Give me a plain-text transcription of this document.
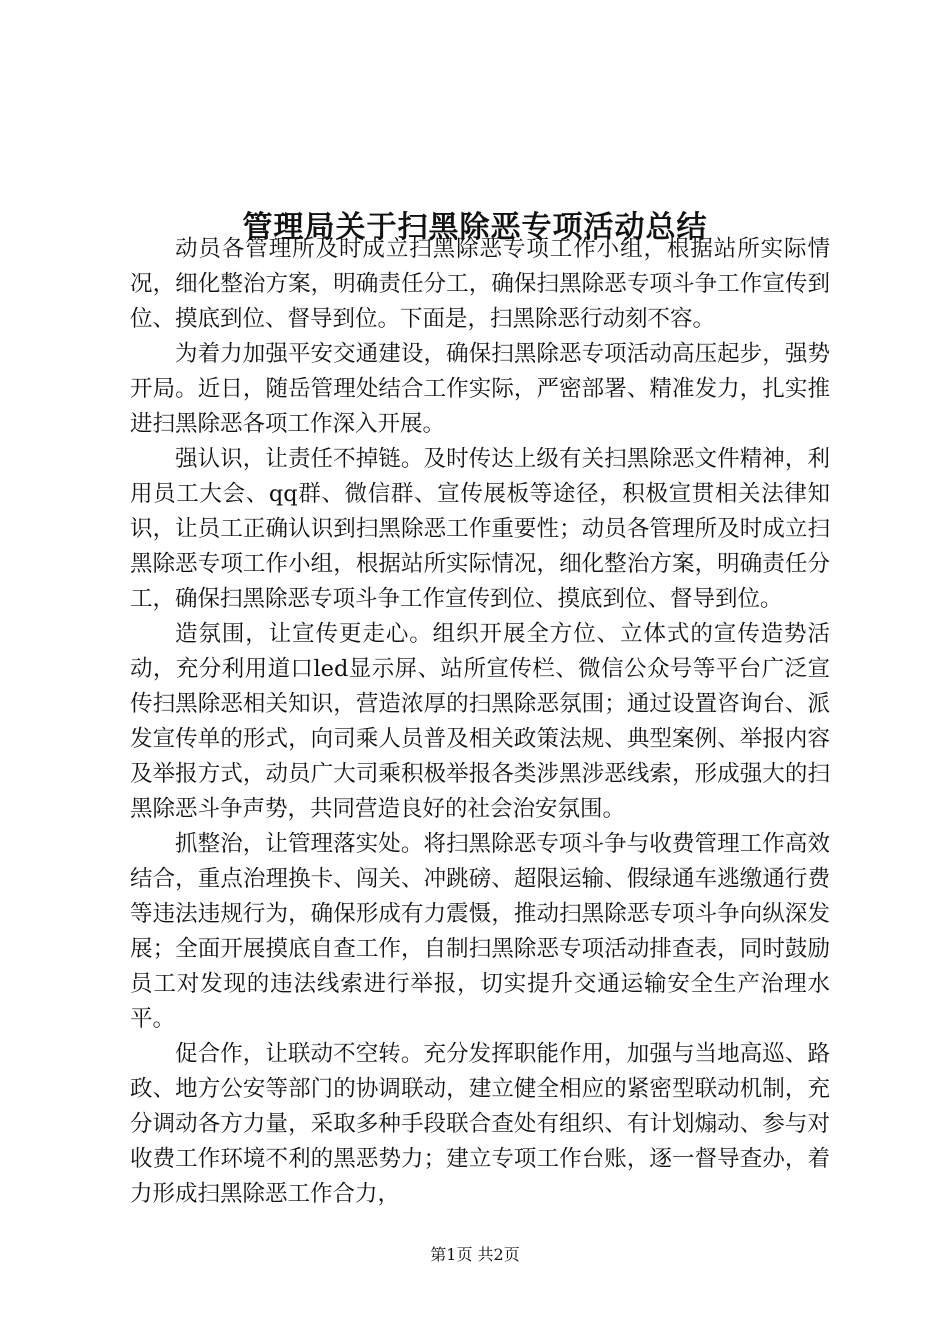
管理局关于扫黑除恶专项活动总结

动员各管理所及时成立扫黑除恶专项工作小组，根据站所实际情况，细化整治方案，明确责任分工，确保扫黑除恶专项斗争工作宣传到位、摸底到位、督导到位。下面是，扫黑除恶行动刻不容。

为着力加强平安交通建设，确保扫黑除恶专项活动高压起步，强势开局。近日，随岳管理处结合工作实际，严密部署、精准发力，扎实推进扫黑除恶各项工作深入开展。

强认识，让责任不掉链。及时传达上级有关扫黑除恶文件精神，利用员工大会、qq群、微信群、宣传展板等途径，积极宣贯相关法律知识，让员工正确认识到扫黑除恶工作重要性；动员各管理所及时成立扫黑除恶专项工作小组，根据站所实际情况，细化整治方案，明确责任分工，确保扫黑除恶专项斗争工作宣传到位、摸底到位、督导到位。

造氛围，让宣传更走心。组织开展全方位、立体式的宣传造势活动，充分利用道口led显示屏、站所宣传栏、微信公众号等平台广泛宣传扫黑除恶相关知识，营造浓厚的扫黑除恶氛围；通过设置咨询台、派发宣传单的形式，向司乘人员普及相关政策法规、典型案例、举报内容及举报方式，动员广大司乘积极举报各类涉黑涉恶线索，形成强大的扫黑除恶斗争声势，共同营造良好的社会治安氛围。

抓整治，让管理落实处。将扫黑除恶专项斗争与收费管理工作高效结合，重点治理换卡、闯关、冲跳磅、超限运输、假绿通车逃缴通行费等违法违规行为，确保形成有力震慑，推动扫黑除恶专项斗争向纵深发展；全面开展摸底自查工作，自制扫黑除恶专项活动排查表，同时鼓励员工对发现的违法线索进行举报，切实提升交通运输安全生产治理水平。

促合作，让联动不空转。充分发挥职能作用，加强与当地高巡、路政、地方公安等部门的协调联动，建立健全相应的紧密型联动机制，充分调动各方力量，采取多种手段联合查处有组织、有计划煽动、参与对收费工作环境不利的黑恶势力；建立专项工作台账，逐一督导查办，着力形成扫黑除恶工作合力，

第1页 共2页
